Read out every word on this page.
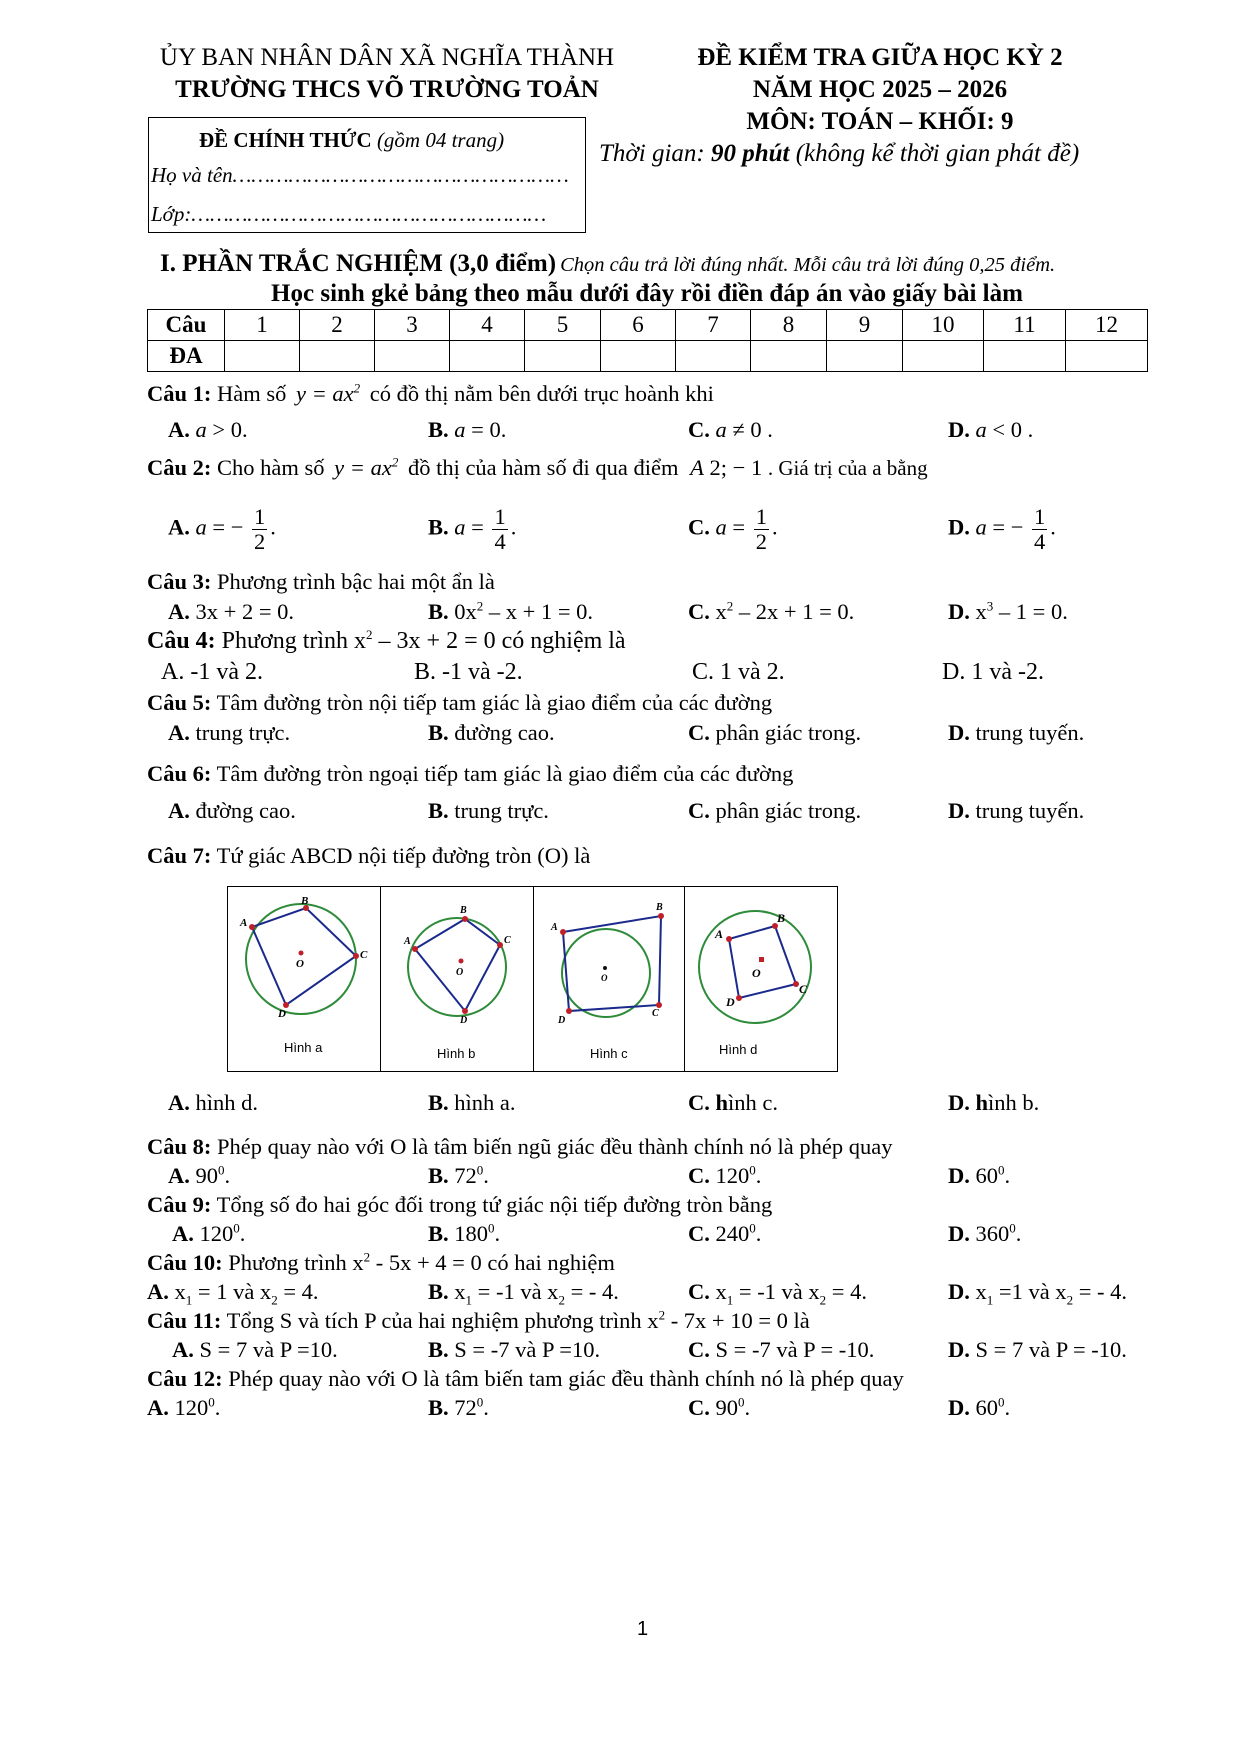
ỦY BAN NHÂN DÂN XÃ NGHĨA THÀNH
TRƯỜNG THCS VÕ TRƯỜNG TOẢN
ĐỀ KIỂM TRA GIỮA HỌC KỲ 2
NĂM HỌC 2025 – 2026
MÔN: TOÁN – KHỐI: 9
Thời gian: 90 phút (không kể thời gian phát đề)
ĐỀ CHÍNH THỨC (gồm 04 trang)
Họ và tên………………………………………………
Lớp:…………………………………………………
I. PHẦN TRẮC NGHIỆM (3,0 điểm) Chọn câu trả lời đúng nhất. Mỗi câu trả lời đúng 0,25 điểm.
Học sinh gkẻ bảng theo mẫu dưới đây rồi điền đáp án vào giấy bài làm
Câu	1	2	3	4	5	6	7	8	9	10	11	12
ĐA												
Câu 1: Hàm số $y = ax^2$ có đồ thị nằm bên dưới trục hoành khi
A. a > 0.	B. a = 0.	C. a ≠ 0 .	D. a < 0 .
Câu 2: Cho hàm số $y = ax^2$ đồ thị của hàm số đi qua điểm A 2; − 1 . Giá trị của a bằng
A. a = − $\frac{1}{2}$ .	B. $a = \frac{1}{4}$ .	C. $a = \frac{1}{2}$ .	D. a = − $\frac{1}{4}$ .
Câu 3: Phương trình bậc hai một ẩn là
A. 3x + 2 = 0.	B. $0x^2 - x + 1 = 0$.	C. $x^2 - 2x + 1 = 0$.	D. $x^3 - 1 = 0$.
Câu 4: Phương trình $x^2 - 3x + 2 = 0$ có nghiệm là
A. -1 và 2.	B. -1 và -2.	C. 1 và 2.	D. 1 và -2.
Câu 5: Tâm đường tròn nội tiếp tam giác là giao điểm của các đường
A. trung trực.	B. đường cao.	C. phân giác trong.	D. trung tuyến.
Câu 6: Tâm đường tròn ngoại tiếp tam giác là giao điểm của các đường
A. đường cao.	B. trung trực.	C. phân giác trong.	D. trung tuyến.
Câu 7: Tứ giác ABCD nội tiếp đường tròn (O) là
A
B
C
D
O
A
B
C
D
O
A
B
C
D
O
A
B
C
D
O
Hình a	Hình b	Hình c	Hình d
A. hình d.	B. hình a.	C. hình c.	D. hình b.
Câu 8: Phép quay nào với O là tâm biến ngũ giác đều thành chính nó là phép quay
A. $90^0$.	B. $72^0$.	C. $120^0$.	D. $60^0$.
Câu 9: Tổng số đo hai góc đối trong tứ giác nội tiếp đường tròn bằng
A. $120^0$.	B. $180^0$.	C. $240^0$.	D. $360^0$.
Câu 10: Phương trình $x^2 - 5x + 4 = 0$ có hai nghiệm
A. $x_1 = 1$ và $x_2 = 4$.	B. $x_1 = -1$ và $x_2$ = - 4.	C. $x_1 = -1$ và $x_2 = 4$.	D. $x_1 =1$ và $x_2$ = - 4.
Câu 11: Tổng S và tích P của hai nghiệm phương trình $x^2 - 7x + 10 = 0$ là
A. S = 7 và P =10.	B. S = -7 và P =10.	C. S = -7 và P = -10.	D. S = 7 và P = -10.
Câu 12: Phép quay nào với O là tâm biến tam giác đều thành chính nó là phép quay
A. $120^0$.	B. $72^0$.	C. $90^0$.	D. $60^0$.
1
